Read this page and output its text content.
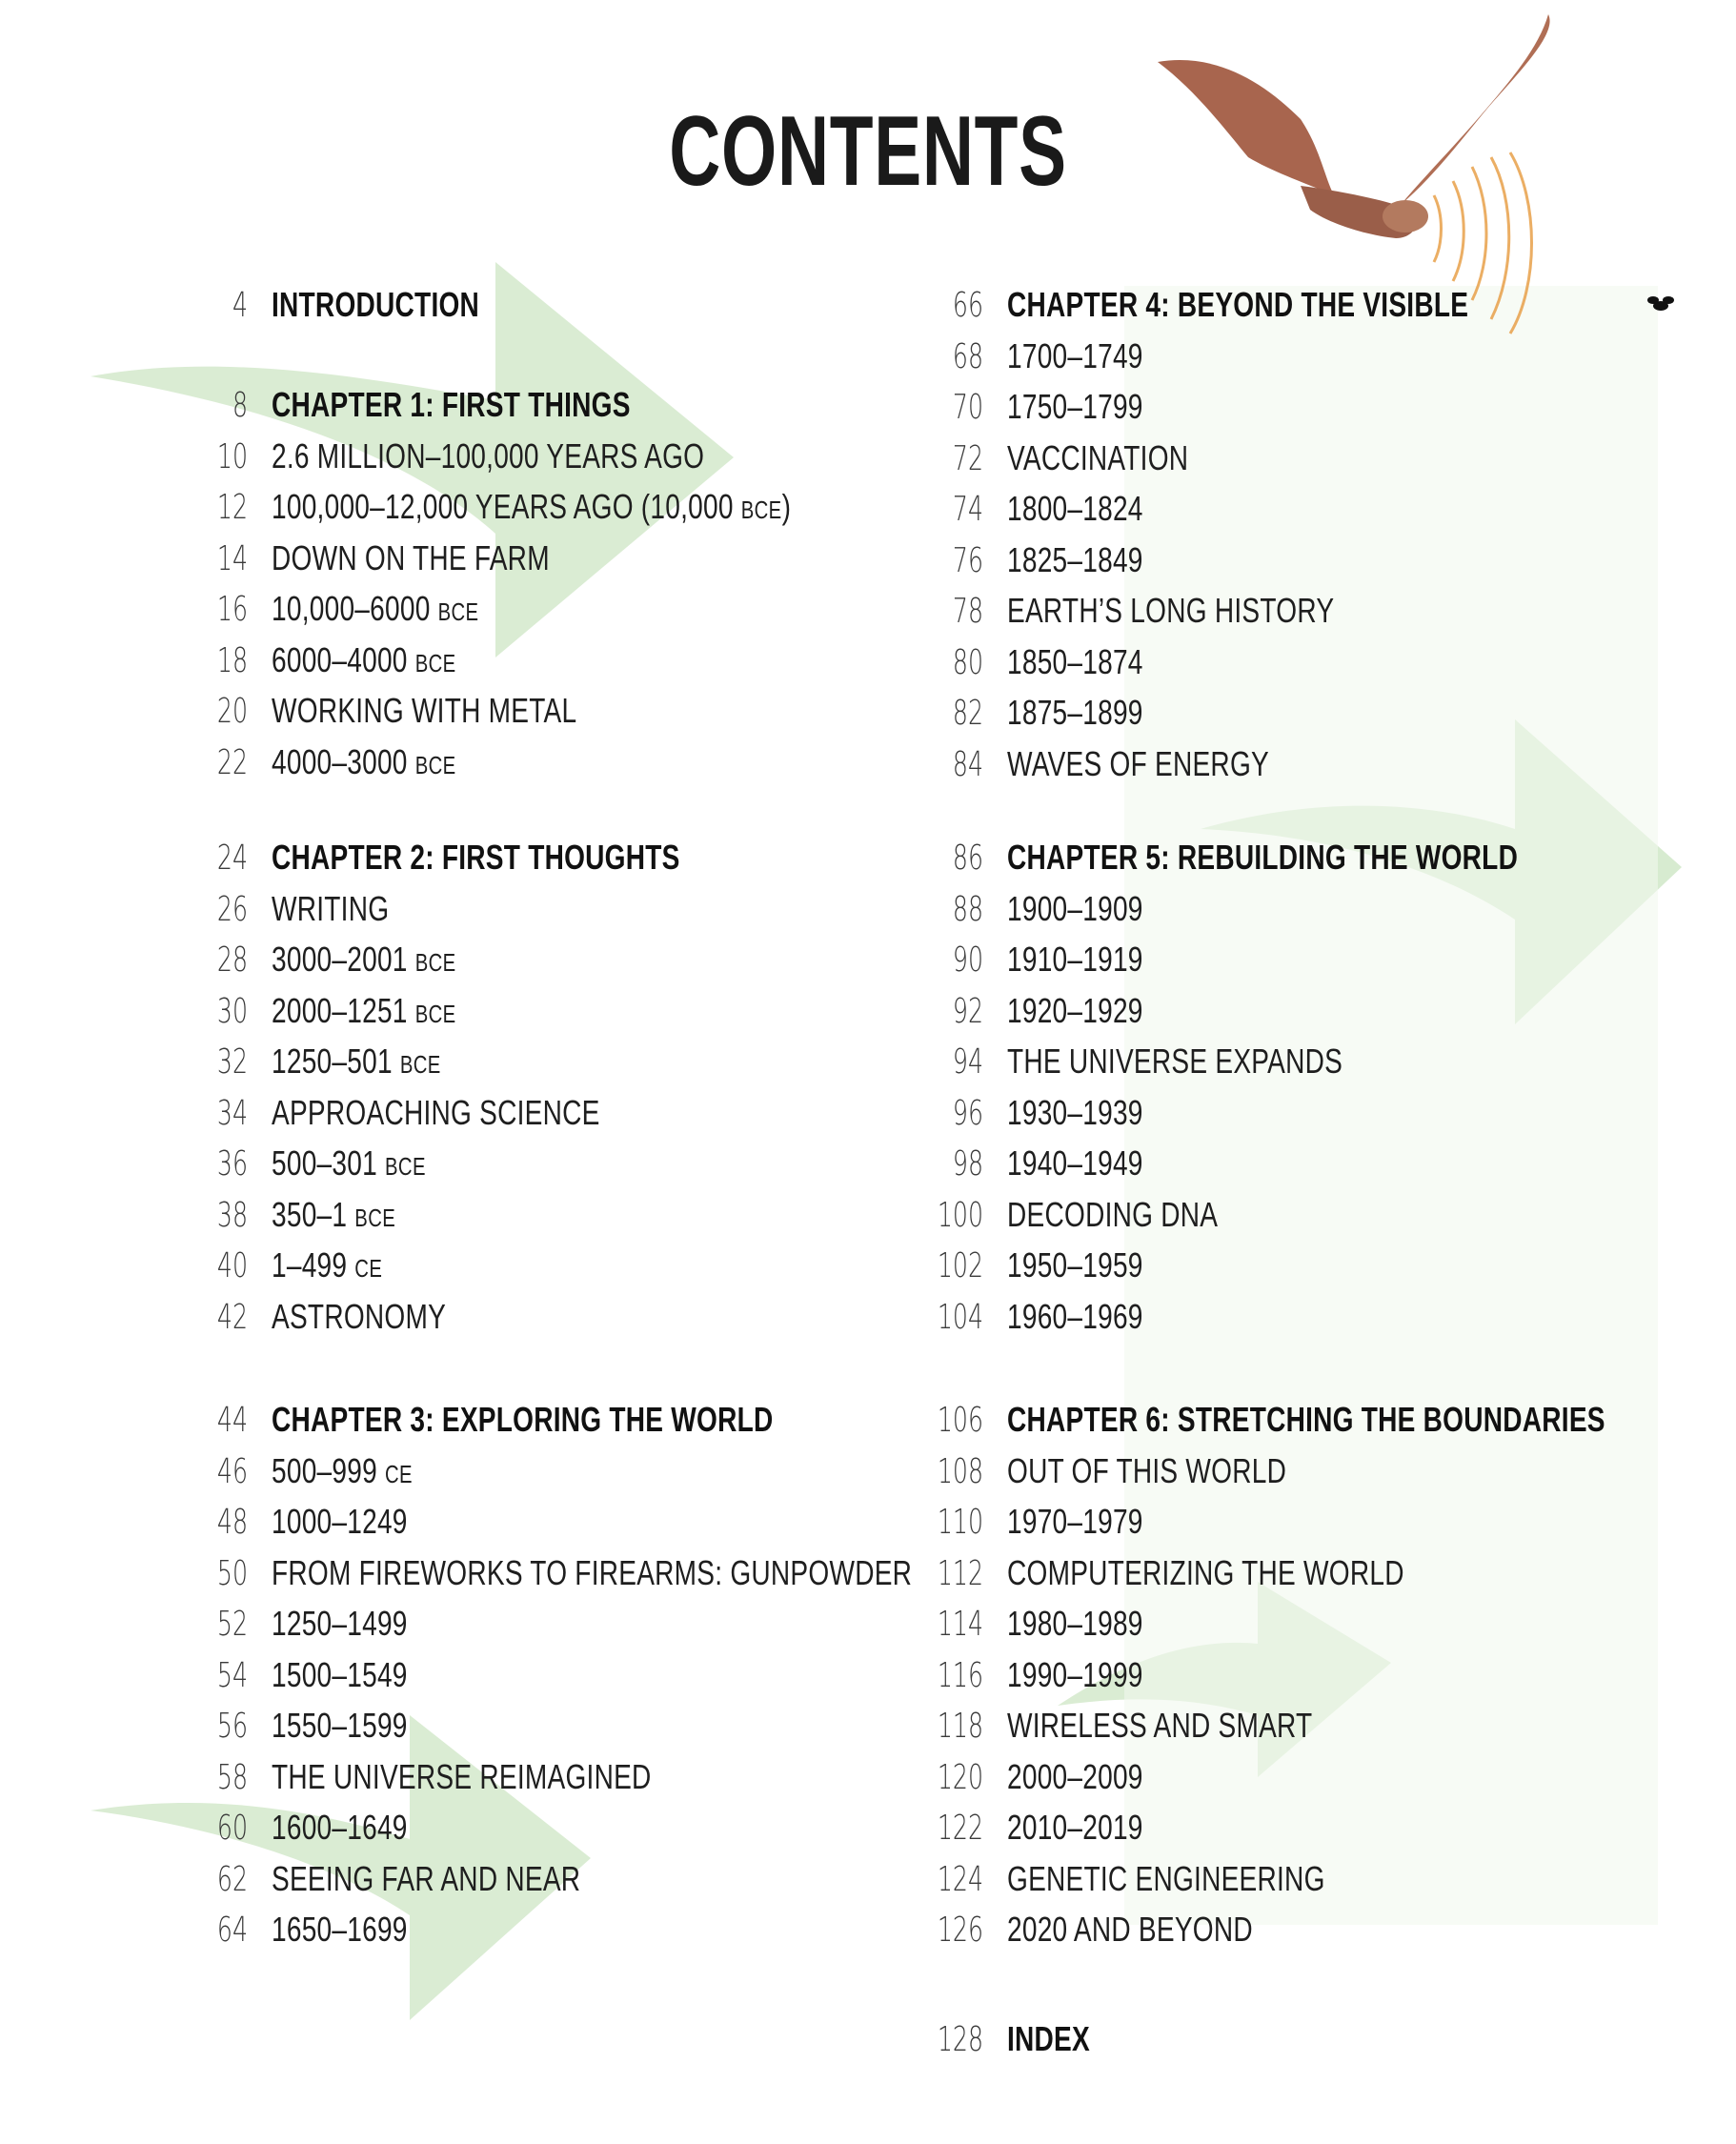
CONTENTS
4 INTRODUCTION
8 CHAPTER 1: FIRST THINGS
10 2.6 MILLION–100,000 YEARS AGO
12 100,000–12,000 YEARS AGO (10,000 BCE)
14 DOWN ON THE FARM
16 10,000–6000 BCE
18 6000–4000 BCE
20 WORKING WITH METAL
22 4000–3000 BCE
24 CHAPTER 2: FIRST THOUGHTS
26 WRITING
28 3000–2001 BCE
30 2000–1251 BCE
32 1250–501 BCE
34 APPROACHING SCIENCE
36 500–301 BCE
38 350–1 BCE
40 1–499 CE
42 ASTRONOMY
44 CHAPTER 3: EXPLORING THE WORLD
46 500–999 CE
48 1000–1249
50 FROM FIREWORKS TO FIREARMS: GUNPOWDER
52 1250–1499
54 1500–1549
56 1550–1599
58 THE UNIVERSE REIMAGINED
60 1600–1649
62 SEEING FAR AND NEAR
64 1650–1699
66 CHAPTER 4: BEYOND THE VISIBLE
68 1700–1749
70 1750–1799
72 VACCINATION
74 1800–1824
76 1825–1849
78 EARTH’S LONG HISTORY
80 1850–1874
82 1875–1899
84 WAVES OF ENERGY
86 CHAPTER 5: REBUILDING THE WORLD
88 1900–1909
90 1910–1919
92 1920–1929
94 THE UNIVERSE EXPANDS
96 1930–1939
98 1940–1949
100 DECODING DNA
102 1950–1959
104 1960–1969
106 CHAPTER 6: STRETCHING THE BOUNDARIES
108 OUT OF THIS WORLD
110 1970–1979
112 COMPUTERIZING THE WORLD
114 1980–1989
116 1990–1999
118 WIRELESS AND SMART
120 2000–2009
122 2010–2019
124 GENETIC ENGINEERING
126 2020 AND BEYOND
128 INDEX
